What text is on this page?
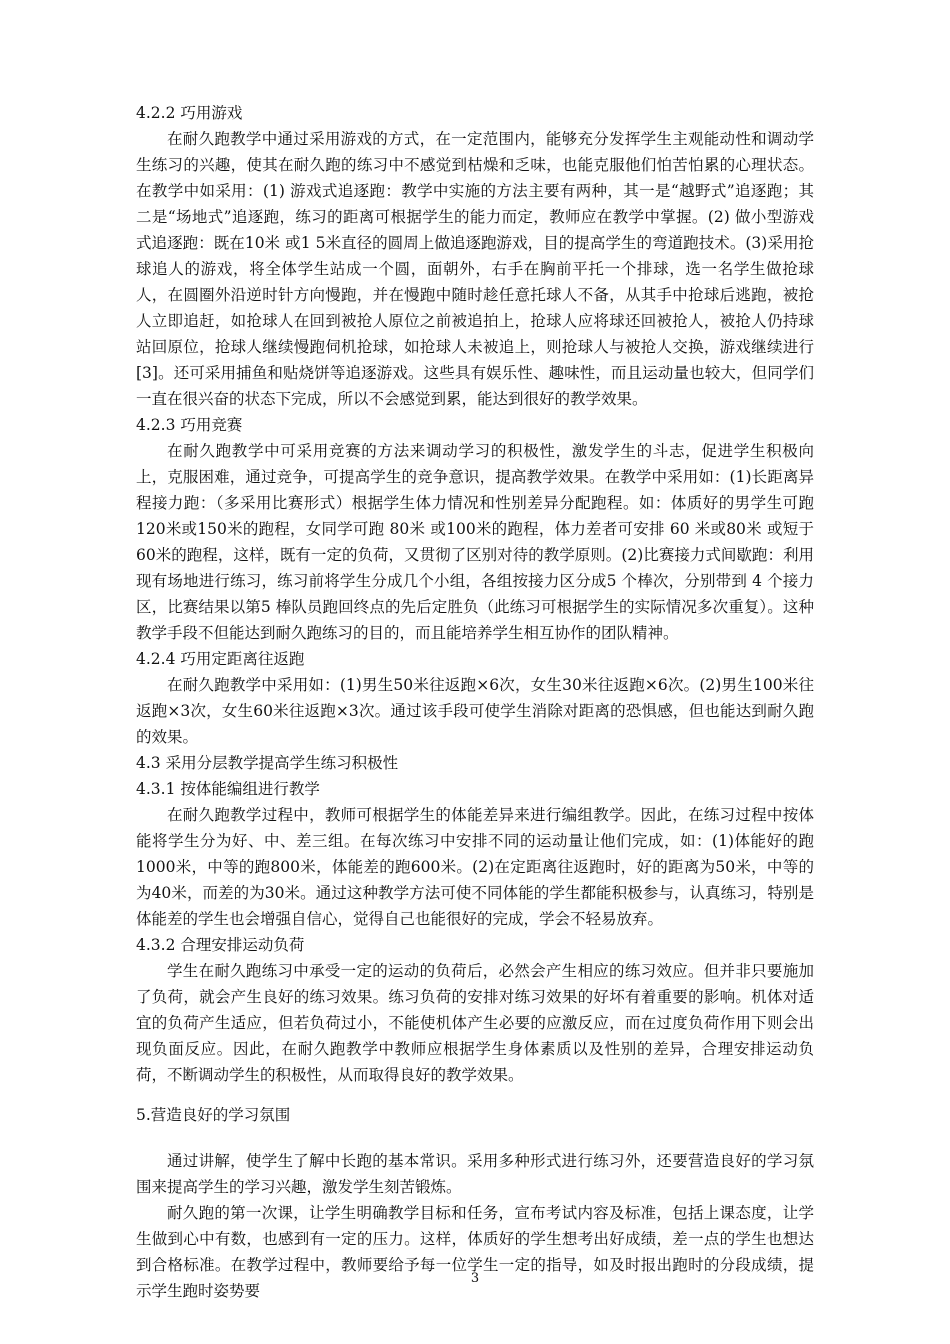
4.2.2 巧用游戏

在耐久跑教学中通过采用游戏的方式，在一定范围内，能够充分发挥学生主观能动性和调动学生练习的兴趣，使其在耐久跑的练习中不感觉到枯燥和乏味，也能克服他们怕苦怕累的心理状态。在教学中如采用：(1) 游戏式追逐跑：教学中实施的方法主要有两种，其一是“越野式”追逐跑；其二是“场地式”追逐跑，练习的距离可根据学生的能力而定，教师应在教学中掌握。(2) 做小型游戏式追逐跑：既在10米 或1 5米直径的圆周上做追逐跑游戏，目的提高学生的弯道跑技术。(3)采用抢球追人的游戏，将全体学生站成一个圆，面朝外，右手在胸前平托一个排球，选一名学生做抢球人，在圆圈外沿逆时针方向慢跑，并在慢跑中随时趁任意托球人不备，从其手中抢球后逃跑，被抢人立即追赶，如抢球人在回到被抢人原位之前被追拍上，抢球人应将球还回被抢人，被抢人仍持球站回原位，抢球人继续慢跑伺机抢球，如抢球人未被追上，则抢球人与被抢人交换，游戏继续进行[3]。还可采用捕鱼和贴烧饼等追逐游戏。这些具有娱乐性、趣味性，而且运动量也较大，但同学们一直在很兴奋的状态下完成，所以不会感觉到累，能达到很好的教学效果。

4.2.3 巧用竞赛

在耐久跑教学中可采用竞赛的方法来调动学习的积极性，激发学生的斗志，促进学生积极向上，克服困难，通过竞争，可提高学生的竞争意识，提高教学效果。在教学中采用如：(1)长距离异程接力跑：（多采用比赛形式）根据学生体力情况和性别差异分配跑程。如：体质好的男学生可跑120米或150米的跑程，女同学可跑 80米 或100米的跑程，体力差者可安排 60 米或80米 或短于 60米的跑程，这样，既有一定的负荷，又贯彻了区别对待的教学原则。(2)比赛接力式间歇跑：利用现有场地进行练习，练习前将学生分成几个小组，各组按接力区分成5 个棒次，分别带到 4 个接力区，比赛结果以第5 棒队员跑回终点的先后定胜负（此练习可根据学生的实际情况多次重复）。这种教学手段不但能达到耐久跑练习的目的，而且能培养学生相互协作的团队精神。

4.2.4 巧用定距离往返跑

在耐久跑教学中采用如：(1)男生50米往返跑×6次，女生30米往返跑×6次。(2)男生100米往返跑×3次，女生60米往返跑×3次。通过该手段可使学生消除对距离的恐惧感，但也能达到耐久跑的效果。

4.3 采用分层教学提高学生练习积极性

4.3.1 按体能编组进行教学

在耐久跑教学过程中，教师可根据学生的体能差异来进行编组教学。因此，在练习过程中按体能将学生分为好、中、差三组。在每次练习中安排不同的运动量让他们完成，如：(1)体能好的跑1000米，中等的跑800米，体能差的跑600米。(2)在定距离往返跑时，好的距离为50米，中等的为40米，而差的为30米。通过这种教学方法可使不同体能的学生都能积极参与，认真练习，特别是体能差的学生也会增强自信心，觉得自己也能很好的完成，学会不轻易放弃。

4.3.2 合理安排运动负荷

学生在耐久跑练习中承受一定的运动的负荷后，必然会产生相应的练习效应。但并非只要施加了负荷，就会产生良好的练习效果。练习负荷的安排对练习效果的好坏有着重要的影响。机体对适宜的负荷产生适应，但若负荷过小，不能使机体产生必要的应激反应，而在过度负荷作用下则会出现负面反应。因此，在耐久跑教学中教师应根据学生身体素质以及性别的差异，合理安排运动负荷，不断调动学生的积极性，从而取得良好的教学效果。

5.营造良好的学习氛围

通过讲解，使学生了解中长跑的基本常识。采用多种形式进行练习外，还要营造良好的学习氛围来提高学生的学习兴趣，激发学生刻苦锻炼。

耐久跑的第一次课，让学生明确教学目标和任务，宣布考试内容及标准，包括上课态度，让学生做到心中有数，也感到有一定的压力。这样，体质好的学生想考出好成绩，差一点的学生也想达到合格标准。在教学过程中，教师要给予每一位学生一定的指导，如及时报出跑时的分段成绩，提示学生跑时姿势要

3
